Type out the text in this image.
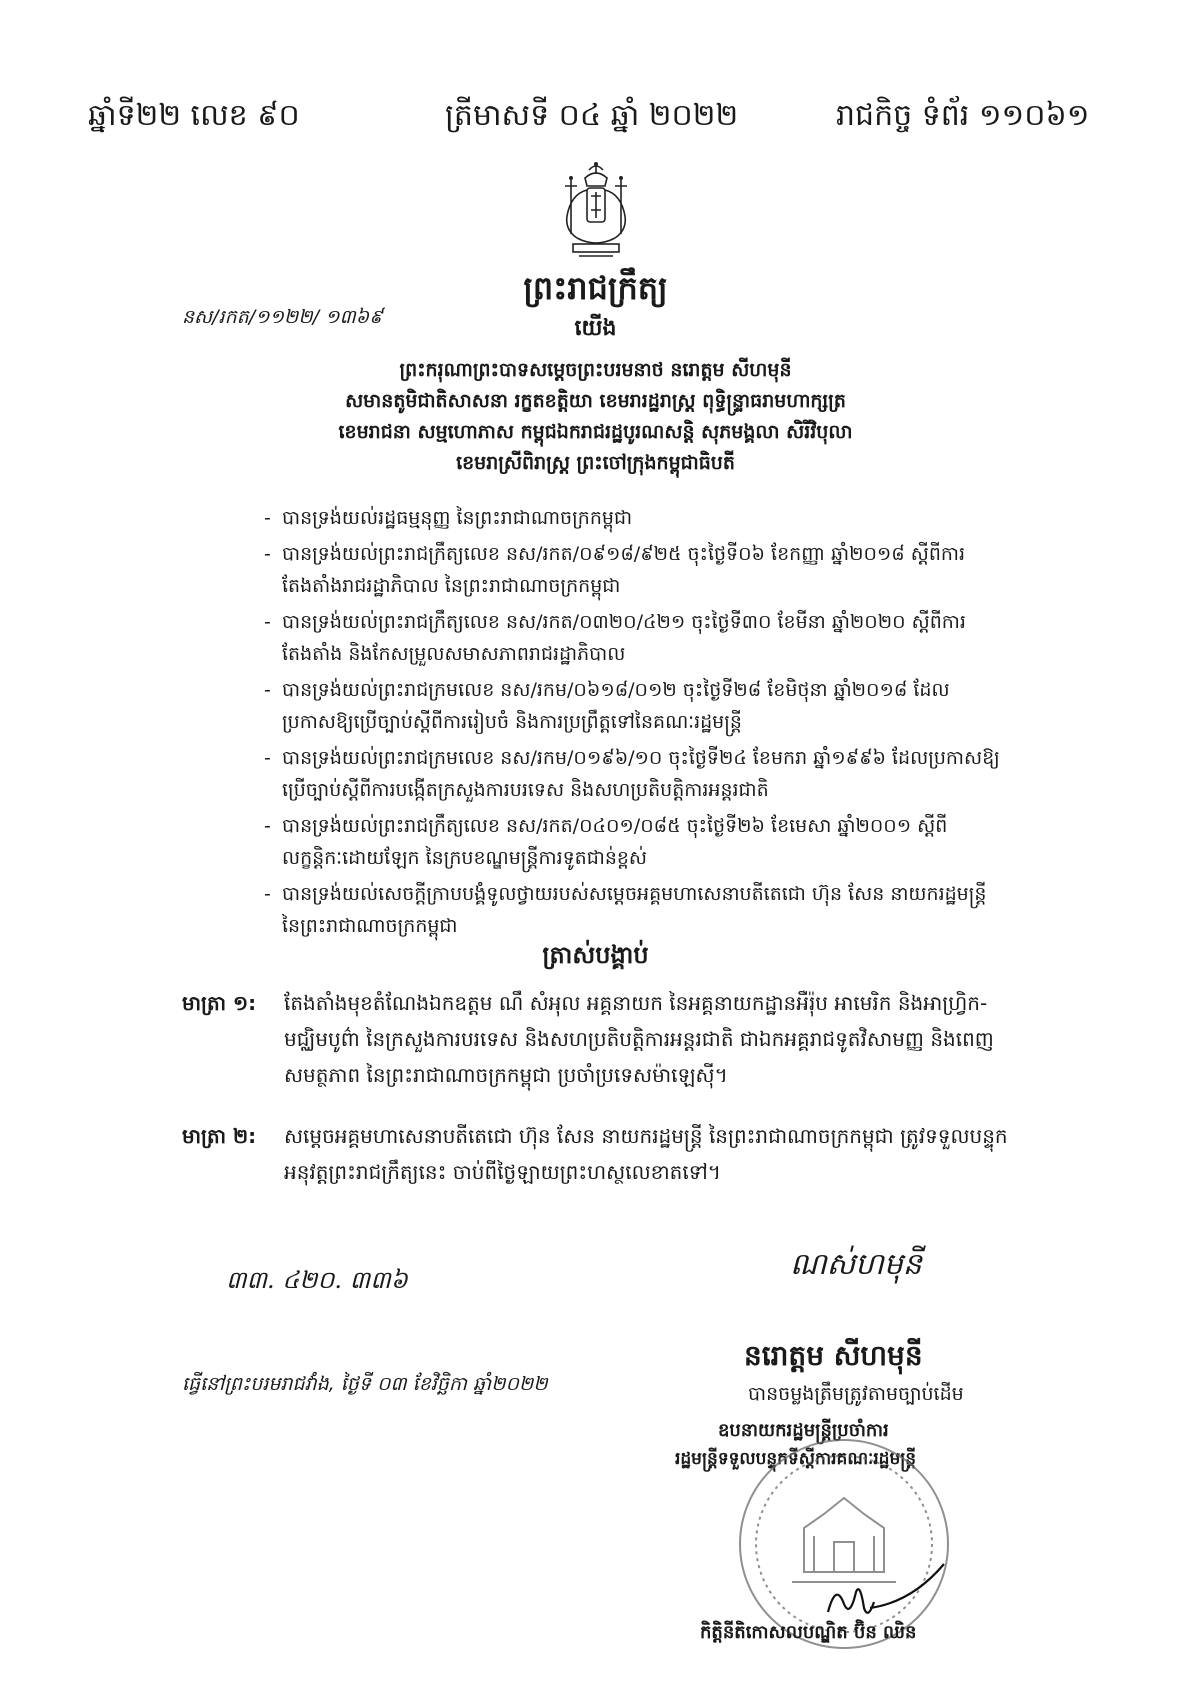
ឆ្នាំទី២២ លេខ ៩០	ត្រីមាសទី ០៤ ឆ្នាំ ២០២២	រាជកិច្ច ទំព័រ ១១០៦១
ព្រះរាជក្រឹត្យ
នស/រកត/១១២២/ ១៣៦៩	យើង
ព្រះករុណាព្រះបាទសម្តេចព្រះបរមនាថ នរោត្តម សីហមុនី
សមានតូមិជាតិសាសនា រក្ខតខត្តិយា ខេមរារដ្ឋរាស្ត្រ ពុទ្ធិន្ទ្រាធរាមហាក្សត្រ
ខេមរាជនា សម្មហោភាស កម្ពុជឯករាជរដ្ឋបូរណសន្តិ សុភមង្គលា សិរីវិបុលា
ខេមរាស្រីពិរាស្ត្រ ព្រះចៅក្រុងកម្ពុជាធិបតី
- បានទ្រង់យល់រដ្ឋធម្មនុញ្ញ នៃព្រះរាជាណាចក្រកម្ពុជា
- បានទ្រង់យល់ព្រះរាជក្រឹត្យលេខ នស/រកត/០៩១៨/៩២៥ ចុះថ្ងៃទី០៦ ខែកញ្ញា ឆ្នាំ២០១៨ ស្តីពីការតែងតាំងរាជរដ្ឋាភិបាល នៃព្រះរាជាណាចក្រកម្ពុជា
- បានទ្រង់យល់ព្រះរាជក្រឹត្យលេខ នស/រកត/០៣២០/៤២១ ចុះថ្ងៃទី៣០ ខែមីនា ឆ្នាំ២០២០ ស្តីពីការតែងតាំង និងកែសម្រួលសមាសភាពរាជរដ្ឋាភិបាល
- បានទ្រង់យល់ព្រះរាជក្រមលេខ នស/រកម/០៦១៨/០១២ ចុះថ្ងៃទី២៨ ខែមិថុនា ឆ្នាំ២០១៨ ដែលប្រកាសឱ្យប្រើច្បាប់ស្តីពីការរៀបចំ និងការប្រព្រឹត្តទៅនៃគណៈរដ្ឋមន្ត្រី
- បានទ្រង់យល់ព្រះរាជក្រមលេខ នស/រកម/០១៩៦/១០ ចុះថ្ងៃទី២៤ ខែមករា ឆ្នាំ១៩៩៦ ដែលប្រកាសឱ្យប្រើច្បាប់ស្តីពីការបង្កើតក្រសួងការបរទេស និងសហប្រតិបត្តិការអន្តរជាតិ
- បានទ្រង់យល់ព្រះរាជក្រឹត្យលេខ នស/រកត/០៤០១/០៨៥ ចុះថ្ងៃទី២៦ ខែមេសា ឆ្នាំ២០០១ ស្តីពីលក្ខន្តិកៈដោយឡែក នៃក្របខណ្ឌមន្ត្រីការទូតជាន់ខ្ពស់
- បានទ្រង់យល់សេចក្តីក្រាបបង្គំទូលថ្វាយរបស់សម្តេចអគ្គមហាសេនាបតីតេជោ ហ៊ុន សែន នាយករដ្ឋមន្ត្រី នៃព្រះរាជាណាចក្រកម្ពុជា
ត្រាស់បង្គាប់
មាត្រា ១: តែងតាំងមុខតំណែងឯកឧត្តម ណឹ សំអុល អគ្គនាយក នៃអគ្គនាយកដ្ឋានអឺរ៉ុប អាមេរិក និងអាហ្វ្រិក-មជ្ឈិមបូព៌ា នៃក្រសួងការបរទេស និងសហប្រតិបត្តិការអន្តរជាតិ ជាឯកអគ្គរាជទូតវិសាមញ្ញ និងពេញសមត្ថភាព នៃព្រះរាជាណាចក្រកម្ពុជា ប្រចាំប្រទេសម៉ាឡេស៊ី។
មាត្រា ២: សម្តេចអគ្គមហាសេនាបតីតេជោ ហ៊ុន សែន នាយករដ្ឋមន្ត្រី នៃព្រះរាជាណាចក្រកម្ពុជា ត្រូវទទួលបន្ទុកអនុវត្តព្រះរាជក្រឹត្យនេះ ចាប់ពីថ្ងៃឡាយព្រះហស្ថលេខាតទៅ។
៣៣. ៤២០. ៣៣៦	ណស់ហមុនី
ធ្វើនៅព្រះបរមរាជវាំង, ថ្ងៃទី ០៣ ខែវិច្ឆិកា ឆ្នាំ២០២២
នរោត្តម សីហមុនី
បានចម្លងត្រឹមត្រូវតាមច្បាប់ដើម
ឧបនាយករដ្ឋមន្ត្រីប្រចាំការ
រដ្ឋមន្ត្រីទទួលបន្ទុកទីស្តីការគណៈរដ្ឋមន្ត្រី
កិត្តិនីតិកោសលបណ្ឌិត ប៊ិន ឈិន
